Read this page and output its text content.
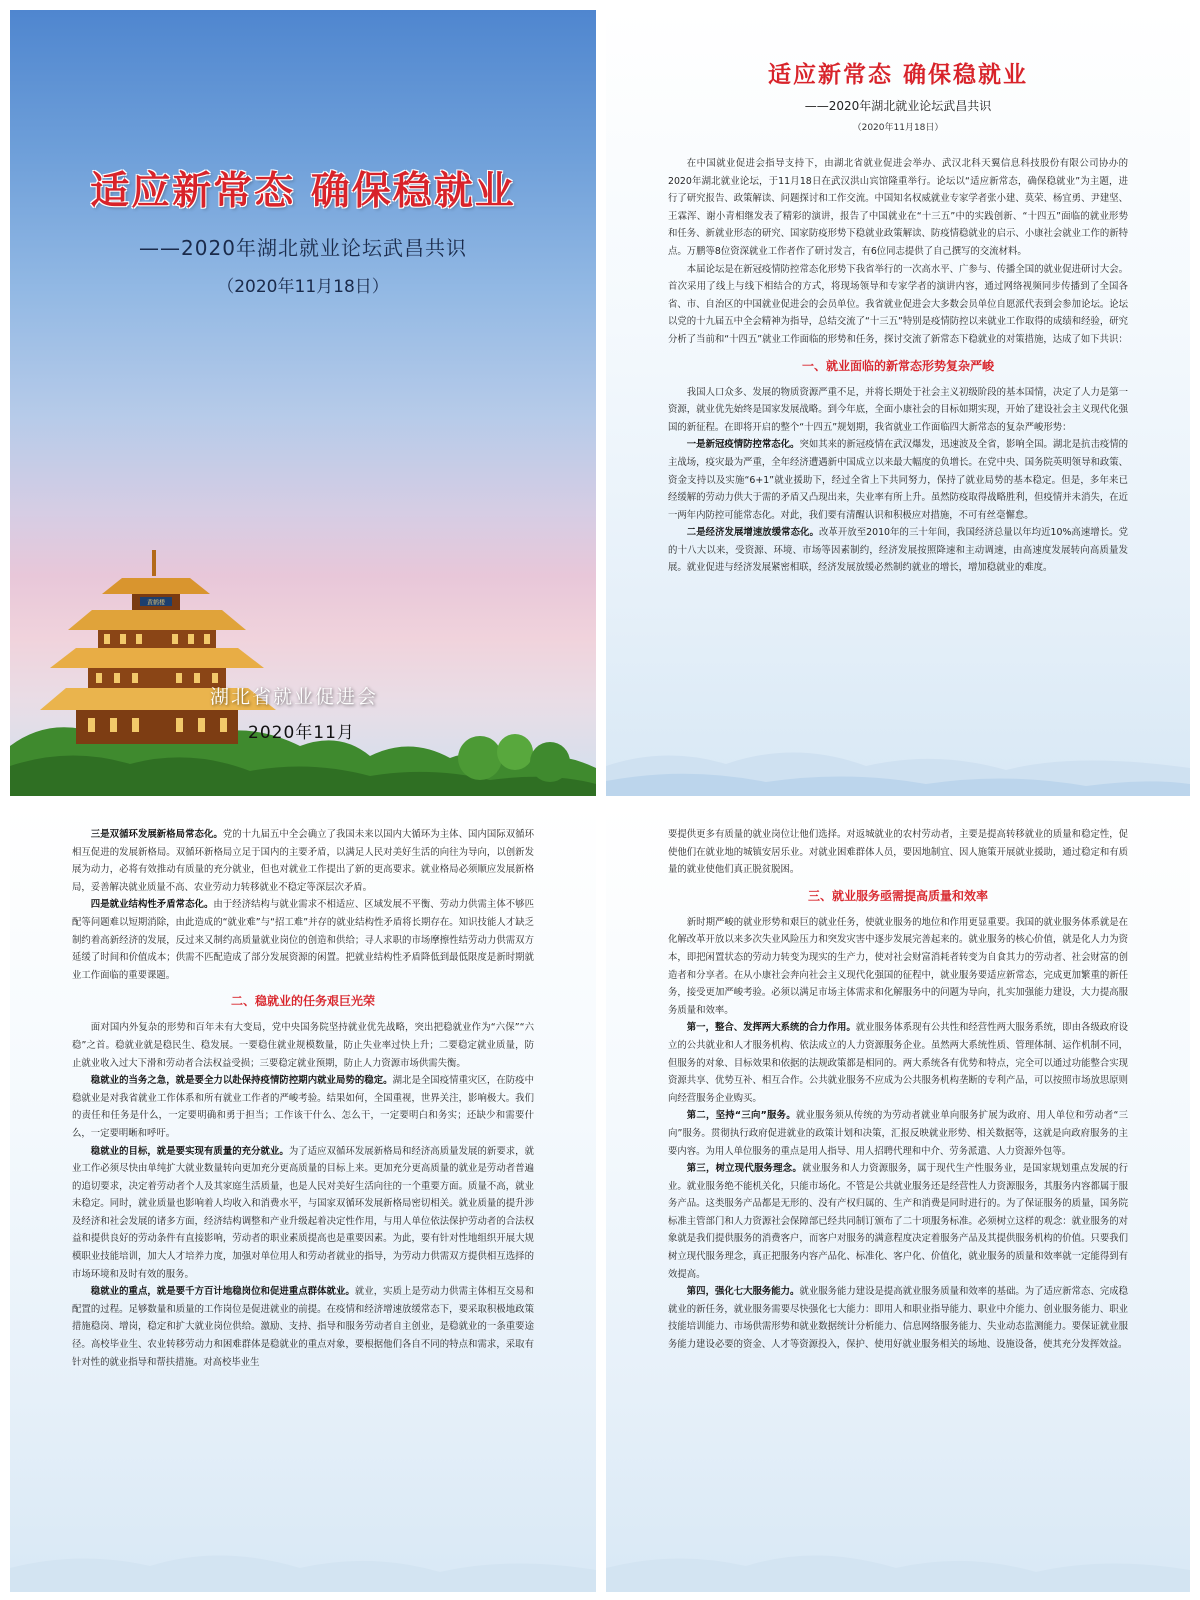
适应新常态 确保稳就业
——2020年湖北就业论坛武昌共识
（2020年11月18日）
黄鹤楼
湖北省就业促进会
2020年11月
适应新常态 确保稳就业
——2020年湖北就业论坛武昌共识
（2020年11月18日）

在中国就业促进会指导支持下，由湖北省就业促进会举办、武汉北科天翼信息科技股份有限公司协办的2020年湖北就业论坛，于11月18日在武汉洪山宾馆隆重举行。论坛以“适应新常态，确保稳就业”为主题，进行了研究报告、政策解读、问题探讨和工作交流。中国知名权威就业专家学者张小建、莫荣、杨宜勇、尹建坚、王霖浑、谢小青相继发表了精彩的演讲，报告了中国就业在“十三五”中的实践创新、“十四五”面临的就业形势和任务、新就业形态的研究、国家防疫形势下稳就业政策解读、防疫情稳就业的启示、小康社会就业工作的新特点。万鹏等8位资深就业工作者作了研讨发言，有6位同志提供了自己撰写的交流材料。

本届论坛是在新冠疫情防控常态化形势下我省举行的一次高水平、广参与、传播全国的就业促进研讨大会。首次采用了线上与线下相结合的方式，将现场领导和专家学者的演讲内容，通过网络视频同步传播到了全国各省、市、自治区的中国就业促进会的会员单位。我省就业促进会大多数会员单位自愿派代表到会参加论坛。论坛以党的十九届五中全会精神为指导，总结交流了“十三五”特别是疫情防控以来就业工作取得的成绩和经验，研究分析了当前和“十四五”就业工作面临的形势和任务，探讨交流了新常态下稳就业的对策措施，达成了如下共识：

一、就业面临的新常态形势复杂严峻

我国人口众多、发展的物质资源严重不足，并将长期处于社会主义初级阶段的基本国情，决定了人力是第一资源，就业优先始终是国家发展战略。到今年底，全面小康社会的目标如期实现，开始了建设社会主义现代化强国的新征程。在即将开启的整个“十四五”规划期，我省就业工作面临四大新常态的复杂严峻形势：

一是新冠疫情防控常态化。突如其来的新冠疫情在武汉爆发，迅速波及全省，影响全国。湖北是抗击疫情的主战场，疫灾最为严重，全年经济遭遇新中国成立以来最大幅度的负增长。在党中央、国务院英明领导和政策、资金支持以及实施“6+1”就业援助下，经过全省上下共同努力，保持了就业局势的基本稳定。但是，多年来已经缓解的劳动力供大于需的矛盾又凸现出来，失业率有所上升。虽然防疫取得战略胜利，但疫情并未消失，在近一两年内防控可能常态化。对此，我们要有清醒认识和积极应对措施，不可有丝毫懈怠。

二是经济发展增速放缓常态化。改革开放至2010年的三十年间，我国经济总量以年均近10%高速增长。党的十八大以来，受资源、环境、市场等因素制约，经济发展按照降速和主动调速，由高速度发展转向高质量发展。就业促进与经济发展紧密相联，经济发展放缓必然制约就业的增长，增加稳就业的难度。

三是双循环发展新格局常态化。党的十九届五中全会确立了我国未来以国内大循环为主体、国内国际双循环相互促进的发展新格局。双循环新格局立足于国内的主要矛盾，以满足人民对美好生活的向往为导向，以创新发展为动力，必将有效推动有质量的充分就业，但也对就业工作提出了新的更高要求。就业格局必须顺应发展新格局，妥善解决就业质量不高、农业劳动力转移就业不稳定等深层次矛盾。

四是就业结构性矛盾常态化。由于经济结构与就业需求不相适应、区域发展不平衡、劳动力供需主体不够匹配等问题难以短期消除，由此造成的“就业难”与“招工难”并存的就业结构性矛盾将长期存在。知识技能人才缺乏制约着高新经济的发展，反过来又制约高质量就业岗位的创造和供给；寻人求职的市场摩擦性结劳动力供需双方延缓了时间和价值成本；供需不匹配造成了部分发展资源的闲置。把就业结构性矛盾降低到最低限度是新时期就业工作面临的重要课题。

二、稳就业的任务艰巨光荣

面对国内外复杂的形势和百年未有大变局，党中央国务院坚持就业优先战略，突出把稳就业作为“六保”“六稳”之首。稳就业就是稳民生、稳发展。一要稳住就业规模数量，防止失业率过快上升；二要稳定就业质量，防止就业收入过大下滑和劳动者合法权益受损；三要稳定就业预期，防止人力资源市场供需失衡。

稳就业的当务之急，就是要全力以赴保持疫情防控期内就业局势的稳定。湖北是全国疫情重灾区，在防疫中稳就业是对我省就业工作体系和所有就业工作者的严峻考验。结果如何，全国重视，世界关注，影响极大。我们的责任和任务是什么，一定要明确和勇于担当；工作该干什么、怎么干，一定要明白和务实；还缺少和需要什么，一定要明晰和呼吁。

稳就业的目标，就是要实现有质量的充分就业。为了适应双循环发展新格局和经济高质量发展的新要求，就业工作必须尽快由单纯扩大就业数量转向更加充分更高质量的目标上来。更加充分更高质量的就业是劳动者普遍的追切要求，决定着劳动者个人及其家庭生活质量，也是人民对美好生活向往的一个重要方面。质量不高，就业未稳定。同时，就业质量也影响着人均收入和消费水平，与国家双循环发展新格局密切相关。就业质量的提升涉及经济和社会发展的诸多方面，经济结构调整和产业升级起着决定性作用，与用人单位依法保护劳动者的合法权益和提供良好的劳动条件有直接影响，劳动者的职业素质提高也是重要因素。为此，要有针对性地组织开展大规模职业技能培训，加大人才培养力度，加强对单位用人和劳动者就业的指导，为劳动力供需双方提供相互选择的市场环境和及时有效的服务。

稳就业的重点，就是要千方百计地稳岗位和促进重点群体就业。就业，实质上是劳动力供需主体相互交易和配置的过程。足够数量和质量的工作岗位是促进就业的前提。在疫情和经济增速放缓常态下，要采取积极地政策措施稳岗、增岗，稳定和扩大就业岗位供给。激励、支持、指导和服务劳动者自主创业，是稳就业的一条重要途径。高校毕业生、农业转移劳动力和困难群体是稳就业的重点对象，要根据他们各自不同的特点和需求，采取有针对性的就业指导和帮扶措施。对高校毕业生

要提供更多有质量的就业岗位让他们选择。对返城就业的农村劳动者，主要是提高转移就业的质量和稳定性，促使他们在就业地的城镇安居乐业。对就业困难群体人员，要因地制宜、因人施策开展就业援助，通过稳定和有质量的就业使他们真正脱贫脱困。

三、就业服务亟需提高质量和效率

新时期严峻的就业形势和艰巨的就业任务，使就业服务的地位和作用更显重要。我国的就业服务体系就是在化解改革开放以来多次失业风险压力和突发灾害中逐步发展完善起来的。就业服务的核心价值，就是化人力为资本，即把闲置状态的劳动力转变为现实的生产力，使对社会财富消耗者转变为自食其力的劳动者、社会财富的创造者和分享者。在从小康社会奔向社会主义现代化强国的征程中，就业服务要适应新常态，完成更加繁重的新任务，接受更加严峻考验。必须以满足市场主体需求和化解服务中的问题为导向，扎实加强能力建设，大力提高服务质量和效率。

第一，整合、发挥两大系统的合力作用。就业服务体系现有公共性和经营性两大服务系统，即由各级政府设立的公共就业和人才服务机构、依法成立的人力资源服务企业。虽然两大系统性质、管理体制、运作机制不同，但服务的对象、目标效果和依据的法规政策都是相同的。两大系统各有优势和特点，完全可以通过功能整合实现资源共享、优势互补、相互合作。公共就业服务不应成为公共服务机构垄断的专利产品，可以按照市场放思原则向经营服务企业购买。

第二，坚持“三向”服务。就业服务须从传统的为劳动者就业单向服务扩展为政府、用人单位和劳动者“三向”服务。贯彻执行政府促进就业的政策计划和决策，汇报反映就业形势、相关数据等，这就是向政府服务的主要内容。为用人单位服务的重点是用人指导、用人招聘代理和中介、劳务派遣、人力资源外包等。

第三，树立现代服务理念。就业服务和人力资源服务，属于现代生产性服务业，是国家规划重点发展的行业。就业服务绝不能机关化，只能市场化。不管是公共就业服务还是经营性人力资源服务，其服务内容都属于服务产品。这类服务产品都是无形的、没有产权归属的、生产和消费是同时进行的。为了保证服务的质量，国务院标准主管部门和人力资源社会保障部已经共同制订颁布了二十项服务标准。必须树立这样的观念：就业服务的对象就是我们提供服务的消费客户，而客户对服务的满意程度决定着服务产品及其提供服务机构的价值。只要我们树立现代服务理念，真正把服务内容产品化、标准化、客户化、价值化，就业服务的质量和效率就一定能得到有效提高。

第四，强化七大服务能力。就业服务能力建设是提高就业服务质量和效率的基础。为了适应新常态、完成稳就业的新任务，就业服务需要尽快强化七大能力：即用人和职业指导能力、职业中介能力、创业服务能力、职业技能培训能力、市场供需形势和就业数据统计分析能力、信息网络服务能力、失业动态监测能力。要保证就业服务能力建设必要的资金、人才等资源投入，保护、使用好就业服务相关的场地、设施设备，使其充分发挥效益。
